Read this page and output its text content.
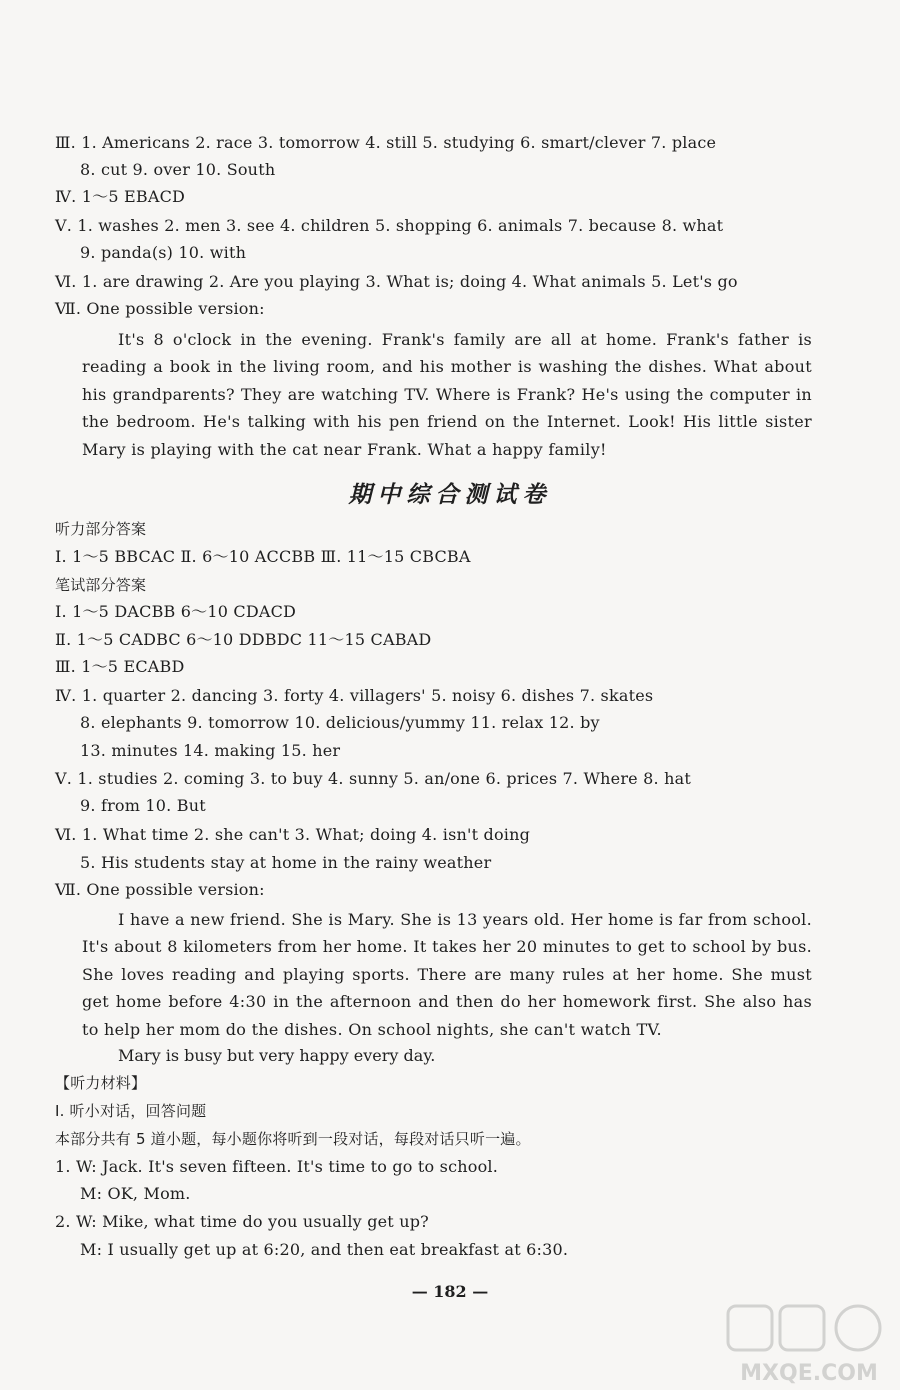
Ⅲ. 1. Americans 2. race 3. tomorrow 4. still 5. studying 6. smart/clever 7. place
8. cut 9. over 10. South
Ⅳ. 1～5 EBACD
Ⅴ. 1. washes 2. men 3. see 4. children 5. shopping 6. animals 7. because 8. what
9. panda(s) 10. with
Ⅵ. 1. are drawing 2. Are you playing 3. What is; doing 4. What animals 5. Let's go
Ⅶ. One possible version:
It's 8 o'clock in the evening. Frank's family are all at home. Frank's father is reading a book in the living room, and his mother is washing the dishes. What about his grandparents? They are watching TV. Where is Frank? He's using the computer in the bedroom. He's talking with his pen friend on the Internet. Look! His little sister Mary is playing with the cat near Frank. What a happy family!
期中综合测试卷
听力部分答案
Ⅰ. 1～5 BBCAC Ⅱ. 6～10 ACCBB Ⅲ. 11～15 CBCBA
笔试部分答案
Ⅰ. 1～5 DACBB 6～10 CDACD
Ⅱ. 1～5 CADBC 6～10 DDBDC 11～15 CABAD
Ⅲ. 1～5 ECABD
Ⅳ. 1. quarter 2. dancing 3. forty 4. villagers' 5. noisy 6. dishes 7. skates
8. elephants 9. tomorrow 10. delicious/yummy 11. relax 12. by
13. minutes 14. making 15. her
Ⅴ. 1. studies 2. coming 3. to buy 4. sunny 5. an/one 6. prices 7. Where 8. hat
9. from 10. But
Ⅵ. 1. What time 2. she can't 3. What; doing 4. isn't doing
5. His students stay at home in the rainy weather
Ⅶ. One possible version:
I have a new friend. She is Mary. She is 13 years old. Her home is far from school. It's about 8 kilometers from her home. It takes her 20 minutes to get to school by bus. She loves reading and playing sports. There are many rules at her home. She must get home before 4:30 in the afternoon and then do her homework first. She also has to help her mom do the dishes. On school nights, she can't watch TV.
Mary is busy but very happy every day.
【听力材料】
Ⅰ. 听小对话，回答问题
本部分共有 5 道小题，每小题你将听到一段对话，每段对话只听一遍。
1. W: Jack. It's seven fifteen. It's time to go to school.
M: OK, Mom.
2. W: Mike, what time do you usually get up?
M: I usually get up at 6:20, and then eat breakfast at 6:30.
— 182 —
MXQE.COM
